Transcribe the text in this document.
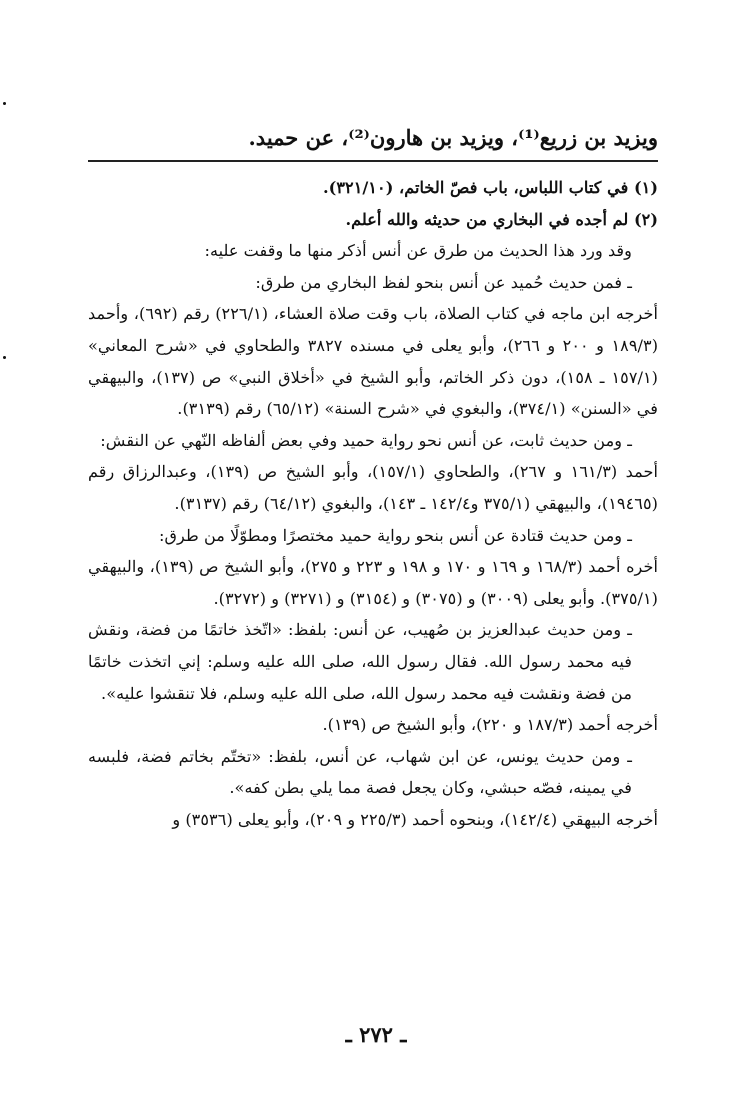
ويزيد بن زريع⁽¹⁾، ويزيد بن هارون⁽²⁾، عن حميد.

(١) في كتاب اللباس، باب فصّ الخاتم، (٣٢١/١٠).

(٢) لم أجده في البخاري من حديثه والله أعلم.

وقد ورد هذا الحديث من طرق عن أنس أذكر منها ما وقفت عليه:

ـ فمن حديث حُميد عن أنس بنحو لفظ البخاري من طرق:

أخرجه ابن ماجه في كتاب الصلاة، باب وقت صلاة العشاء، (٢٢٦/١) رقم (٦٩٢)، وأحمد (١٨٩/٣ و ٢٠٠ و ٢٦٦)، وأبو يعلى في مسنده ٣٨٢٧ والطحاوي في «شرح المعاني» (١٥٧/١ ـ ١٥٨)، دون ذكر الخاتم، وأبو الشيخ في «أخلاق النبي» ص (١٣٧)، والبيهقي في «السنن» (٣٧٤/١)، والبغوي في «شرح السنة» (٦٥/١٢) رقم (٣١٣٩).

ـ ومن حديث ثابت، عن أنس نحو رواية حميد وفي بعض ألفاظه النّهي عن النقش:

أحمد (١٦١/٣ و ٢٦٧)، والطحاوي (١٥٧/١)، وأبو الشيخ ص (١٣٩)، وعبدالرزاق رقم (١٩٤٦٥)، والبيهقي (٣٧٥/١ و١٤٢/٤ ـ ١٤٣)، والبغوي (٦٤/١٢) رقم (٣١٣٧).

ـ ومن حديث قتادة عن أنس بنحو رواية حميد مختصرًا ومطوّلًا من طرق:

أخره أحمد (١٦٨/٣ و ١٦٩ و ١٧٠ و ١٩٨ و ٢٢٣ و ٢٧٥)، وأبو الشيخ ص (١٣٩)، والبيهقي (٣٧٥/١). وأبو يعلى (٣٠٠٩) و (٣٠٧٥) و (٣١٥٤) و (٣٢٧١) و (٣٢٧٢).

ـ ومن حديث عبدالعزيز بن صُهيب، عن أنس: بلفظ: «اتّخذ خاتمًا من فضة، ونقش فيه محمد رسول الله. فقال رسول الله، صلى الله عليه وسلم: إني اتخذت خاتمًا من فضة ونقشت فيه محمد رسول الله، صلى الله عليه وسلم، فلا تنقشوا عليه».

أخرجه أحمد (١٨٧/٣ و ٢٢٠)، وأبو الشيخ ص (١٣٩).

ـ ومن حديث يونس، عن ابن شهاب، عن أنس، بلفظ: «تختّم بخاتم فضة، فلبسه في يمينه، فصّه حبشي، وكان يجعل فصة مما يلي بطن كفه».

أخرجه البيهقي (١٤٢/٤)، وبنحوه أحمد (٢٢٥/٣ و ٢٠٩)، وأبو يعلى (٣٥٣٦) و

ـ ٢٧٢ ـ
